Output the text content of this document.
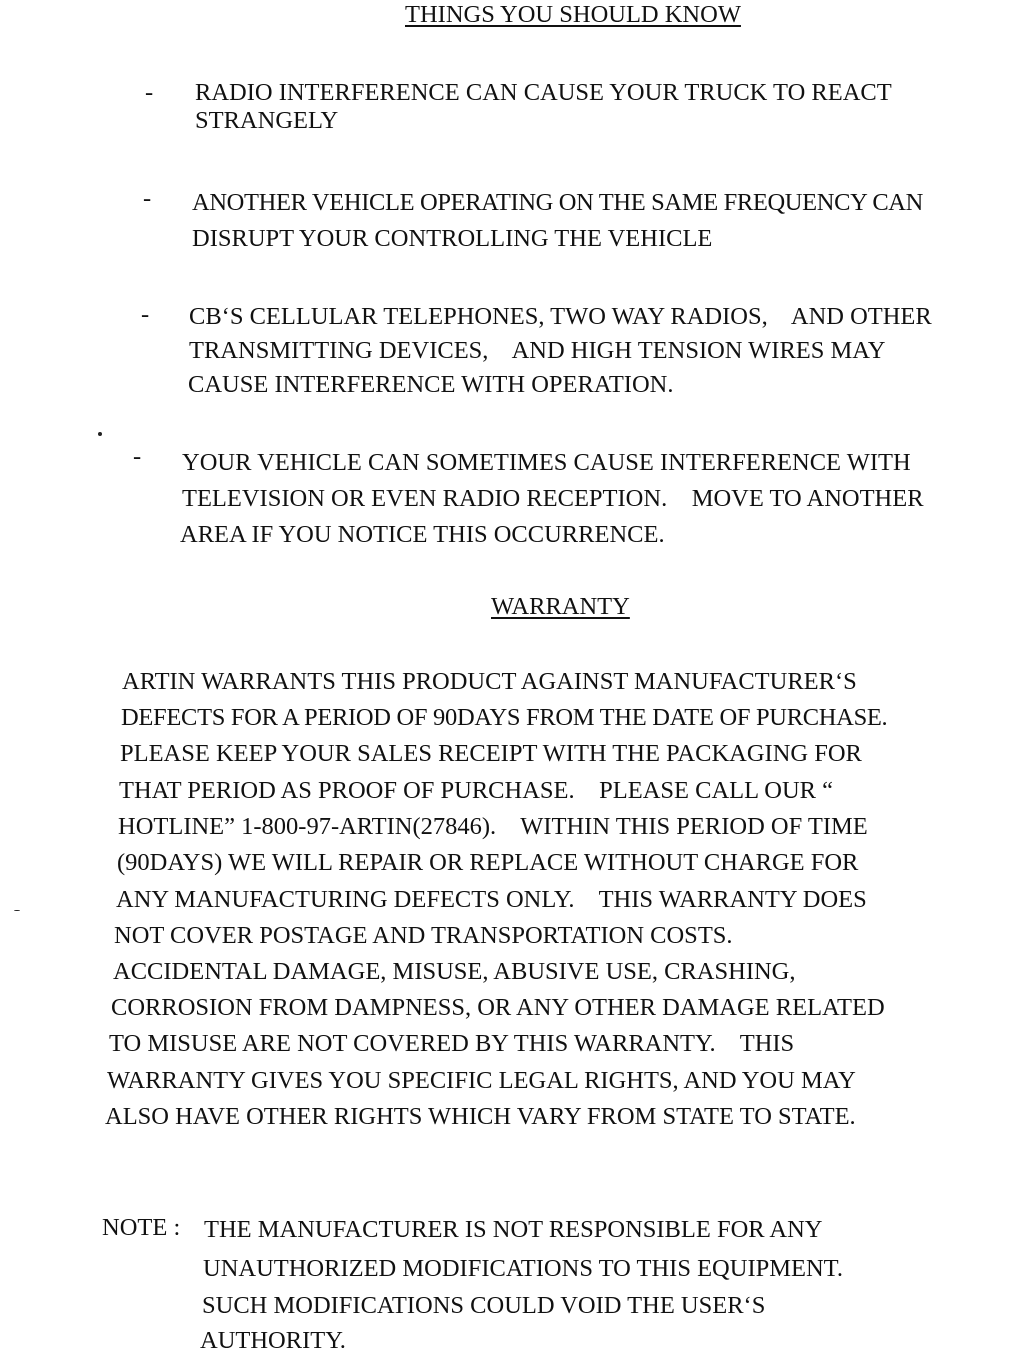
THINGS YOU SHOULD KNOW
- RADIO INTERFERENCE CAN CAUSE YOUR TRUCK TO REACT
STRANGELY
- ANOTHER VEHICLE OPERATING ON THE SAME FREQUENCY CAN
DISRUPT YOUR CONTROLLING THE VEHICLE
- CB‘S CELLULAR TELEPHONES, TWO WAY RADIOS,    AND OTHER
TRANSMITTING DEVICES,    AND HIGH TENSION WIRES MAY
CAUSE INTERFERENCE WITH OPERATION.
- YOUR VEHICLE CAN SOMETIMES CAUSE INTERFERENCE WITH
TELEVISION OR EVEN RADIO RECEPTION.    MOVE TO ANOTHER
AREA IF YOU NOTICE THIS OCCURRENCE.
WARRANTY
ARTIN WARRANTS THIS PRODUCT AGAINST MANUFACTURER‘S
DEFECTS FOR A PERIOD OF 90DAYS FROM THE DATE OF PURCHASE.
PLEASE KEEP YOUR SALES RECEIPT WITH THE PACKAGING FOR
THAT PERIOD AS PROOF OF PURCHASE.    PLEASE CALL OUR “
HOTLINE” 1-800-97-ARTIN(27846).    WITHIN THIS PERIOD OF TIME
(90DAYS) WE WILL REPAIR OR REPLACE WITHOUT CHARGE FOR
ANY MANUFACTURING DEFECTS ONLY.    THIS WARRANTY DOES
NOT COVER POSTAGE AND TRANSPORTATION COSTS.
ACCIDENTAL DAMAGE, MISUSE, ABUSIVE USE, CRASHING,
CORROSION FROM DAMPNESS, OR ANY OTHER DAMAGE RELATED
TO MISUSE ARE NOT COVERED BY THIS WARRANTY.    THIS
WARRANTY GIVES YOU SPECIFIC LEGAL RIGHTS, AND YOU MAY
ALSO HAVE OTHER RIGHTS WHICH VARY FROM STATE TO STATE.
NOTE : THE MANUFACTURER IS NOT RESPONSIBLE FOR ANY
UNAUTHORIZED MODIFICATIONS TO THIS EQUIPMENT.
SUCH MODIFICATIONS COULD VOID THE USER‘S
AUTHORITY.
